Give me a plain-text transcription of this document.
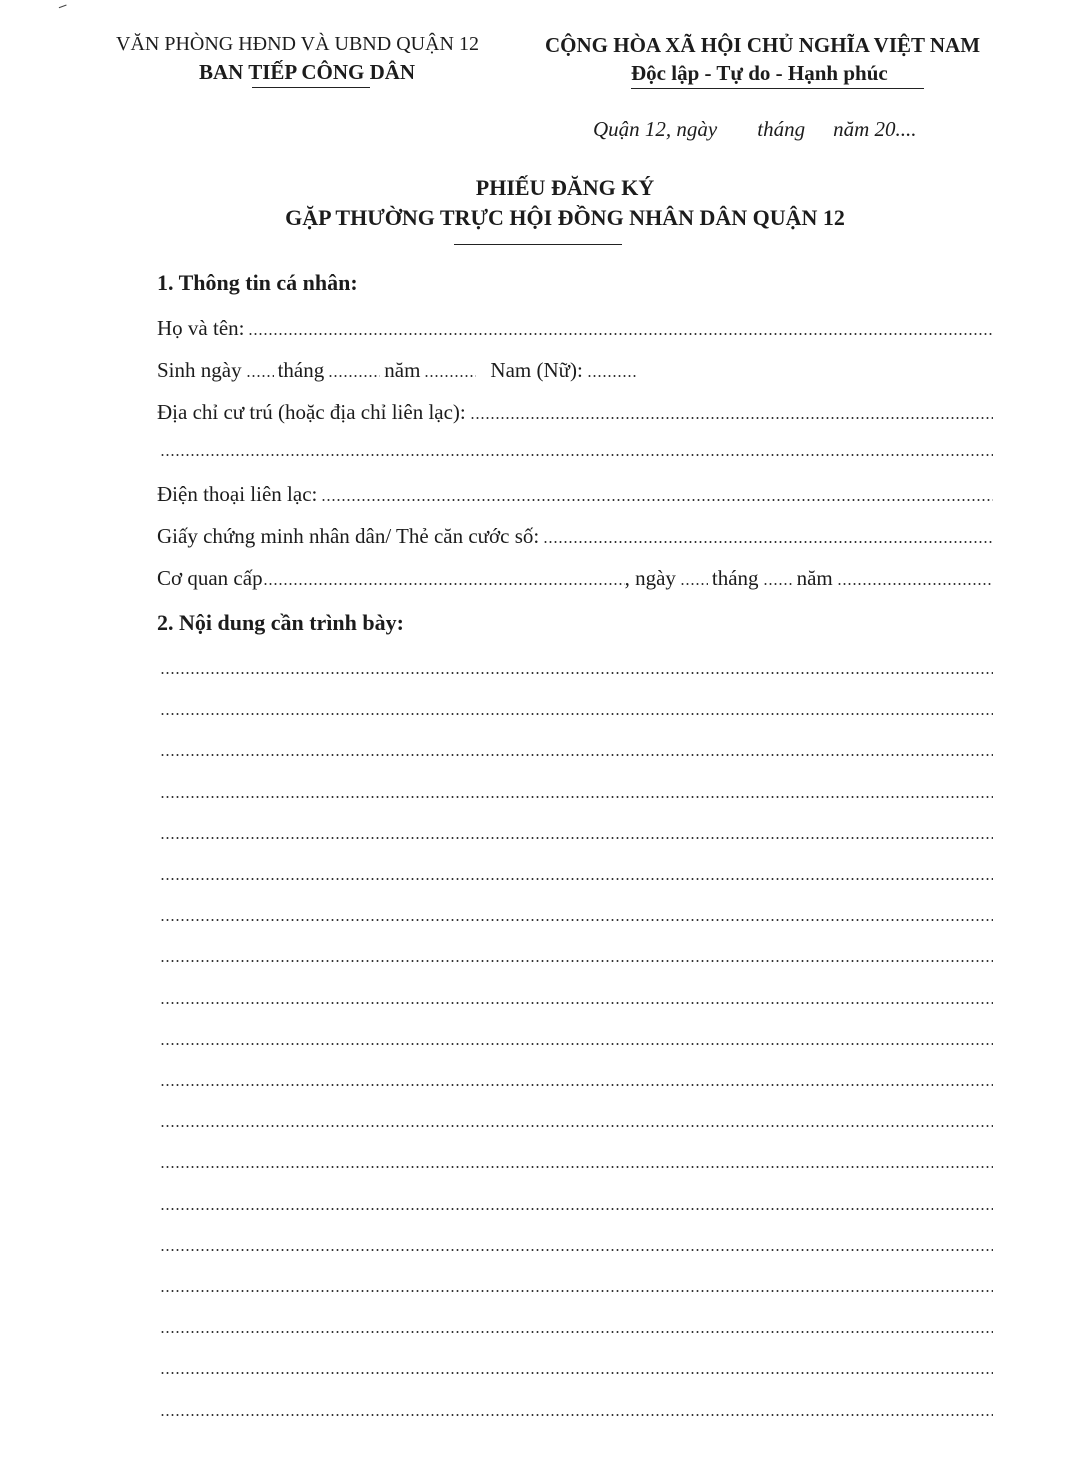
VĂN PHÒNG HĐND VÀ UBND QUẬN 12
BAN TIẾP CÔNG DÂN
CỘNG HÒA XÃ HỘI CHỦ NGHĨA VIỆT NAM
Độc lập - Tự do - Hạnh phúc
Quận 12, ngày tháng năm 20....
PHIẾU ĐĂNG KÝ
GẶP THƯỜNG TRỰC HỘI ĐỒNG NHÂN DÂN QUẬN 12
1. Thông tin cá nhân:
Họ và tên:
Sinh ngày tháng	năm	Nam (Nữ):
Địa chỉ cư trú (hoặc địa chỉ liên lạc):
Điện thoại liên lạc:
Giấy chứng minh nhân dân/ Thẻ căn cước số:
Cơ quan cấp	, ngày tháng năm
2. Nội dung cần trình bày:
